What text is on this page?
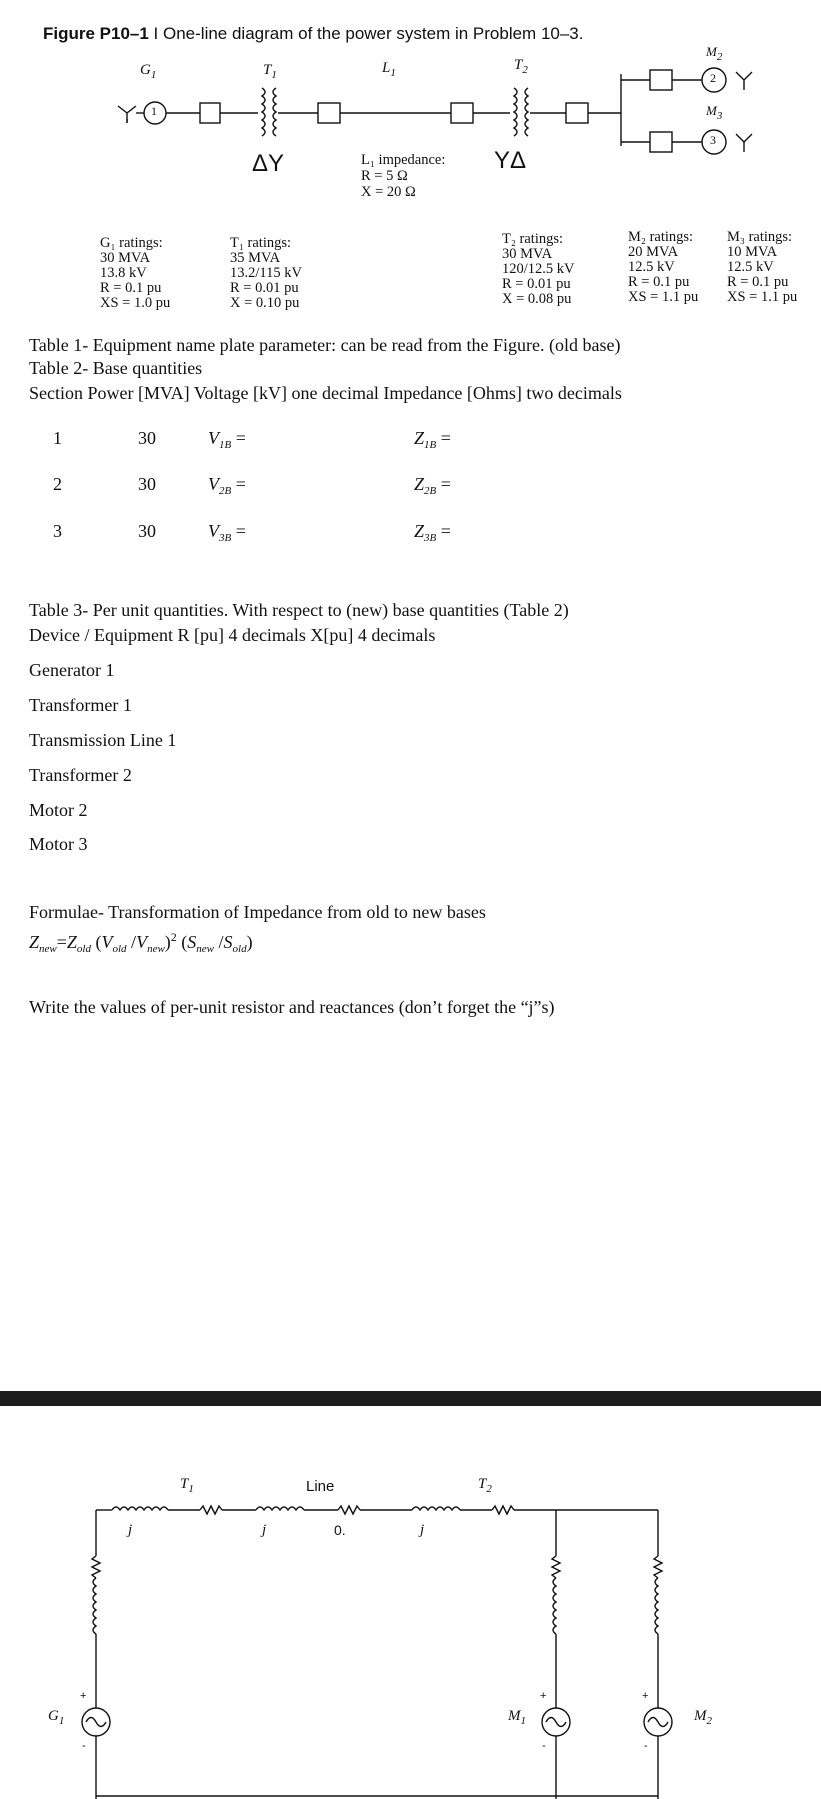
Figure P10–1 I One-line diagram of the power system in Problem 10–3.
$G_1$	$T_1$	$L_1$	$T_2$
$M_2$
$M_3$
1
2
3
ΔY	YΔ
L₁ impedance:
R = 5 Ω
X = 20 Ω
G₁ ratings:
30 MVA
13.8 kV
R = 0.1 pu
XS = 1.0 pu
T₁ ratings:
35 MVA
13.2/115 kV
R = 0.01 pu
X = 0.10 pu
T₂ ratings:
30 MVA
120/12.5 kV
R = 0.01 pu
X = 0.08 pu
M₂ ratings:
20 MVA
12.5 kV
R = 0.1 pu
XS = 1.1 pu
M₃ ratings:
10 MVA
12.5 kV
R = 0.1 pu
XS = 1.1 pu
Table 1- Equipment name plate parameter: can be read from the Figure. (old base)
Table 2- Base quantities
Section Power [MVA] Voltage [kV] one decimal Impedance [Ohms] two decimals
1	30	$V_{1B}$ =	$Z_{1B}$ =
2	30	$V_{2B}$ =	$Z_{2B}$ =
3	30	$V_{3B}$ =	$Z_{3B}$ =
Table 3- Per unit quantities. With respect to (new) base quantities (Table 2)
Device / Equipment R [pu] 4 decimals X[pu] 4 decimals
Generator 1
Transformer 1
Transmission Line 1
Transformer 2
Motor 2
Motor 3
Formulae- Transformation of Impedance from old to new bases
$Z_{new}=Z_{old}$ ($V_{old}$ $/V_{new})^2$ ($S_{new}$ $/S_{old}$)
Write the values of per-unit resistor and reactances (don’t forget the “j”s)
$T_1$	Line	$T_2$
j	j	0.	j
$G_1$	$M_1$	$M_2$
+
-
+
-
+
-
